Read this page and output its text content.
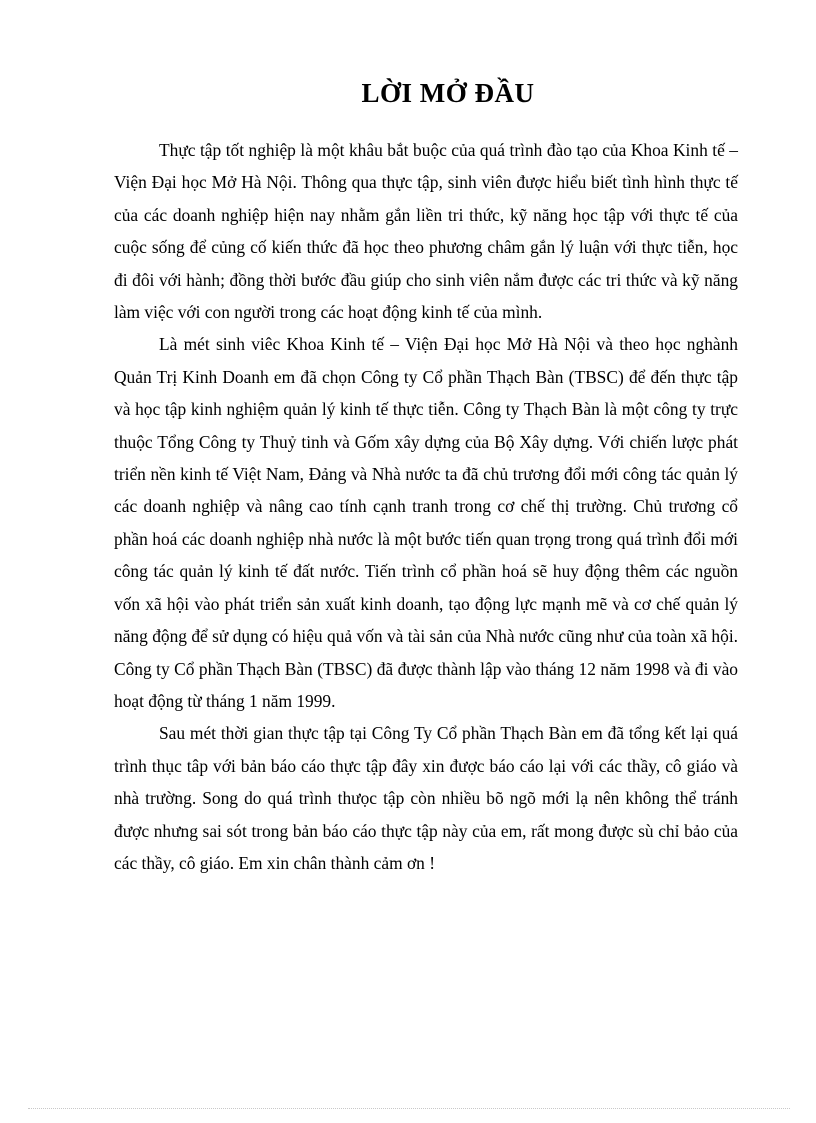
LỜI MỞ ĐẦU

Thực tập tốt nghiệp là một khâu bắt buộc của quá trình đào tạo của Khoa Kinh tế – Viện Đại học Mở Hà Nội. Thông qua thực tập, sinh viên được hiểu biết tình hình thực tế của các doanh nghiệp hiện nay nhằm gắn liền tri thức, kỹ năng học tập với thực tế của cuộc sống để củng cố kiến thức đã học theo phương châm gắn lý luận với thực tiễn, học đi đôi với hành; đồng thời bước đầu giúp cho sinh viên nắm được các tri thức và kỹ năng làm việc với con người trong các hoạt động kinh tế của mình.

Là mét sinh viêc Khoa Kinh tế – Viện Đại học Mở Hà Nội và theo học nghành Quản Trị Kinh Doanh em đã chọn Công ty Cổ phần Thạch Bàn (TBSC) để đến thực tập và học tập kinh nghiệm quản lý kinh tế thực tiễn. Công ty Thạch Bàn là một công ty trực thuộc Tổng Công ty Thuỷ tinh và Gốm xây dựng của Bộ Xây dựng. Với chiến lược phát triển nền kinh tế Việt Nam, Đảng và Nhà nước ta đã chủ trương đổi mới công tác quản lý các doanh nghiệp và nâng cao tính cạnh tranh trong cơ chế thị trường. Chủ trương cổ phần hoá các doanh nghiệp nhà nước là một bước tiến quan trọng trong quá trình đổi mới công tác quản lý kinh tế đất nước. Tiến trình cổ phần hoá sẽ huy động thêm các nguồn vốn xã hội vào phát triển sản xuất kinh doanh, tạo động lực mạnh mẽ và cơ chế quản lý năng động để sử dụng có hiệu quả vốn và tài sản của Nhà nước cũng như của toàn xã hội. Công ty Cổ phần Thạch Bàn (TBSC) đã được thành lập vào tháng 12 năm 1998 và đi vào hoạt động từ tháng 1 năm 1999.

Sau mét thời gian thực tập tại Công Ty Cổ phần Thạch Bàn em đã tổng kết lại quá trình thục tâp với bản báo cáo thực tập đây xin được báo cáo lại với các thầy, cô giáo và nhà trường. Song do quá trình thưọc tập còn nhiều bõ ngõ mới lạ nên không thể tránh được nhưng sai sót trong bản báo cáo thực tập này của em, rất mong được sù chỉ bảo của các thầy, cô giáo. Em xin chân thành cảm ơn !
